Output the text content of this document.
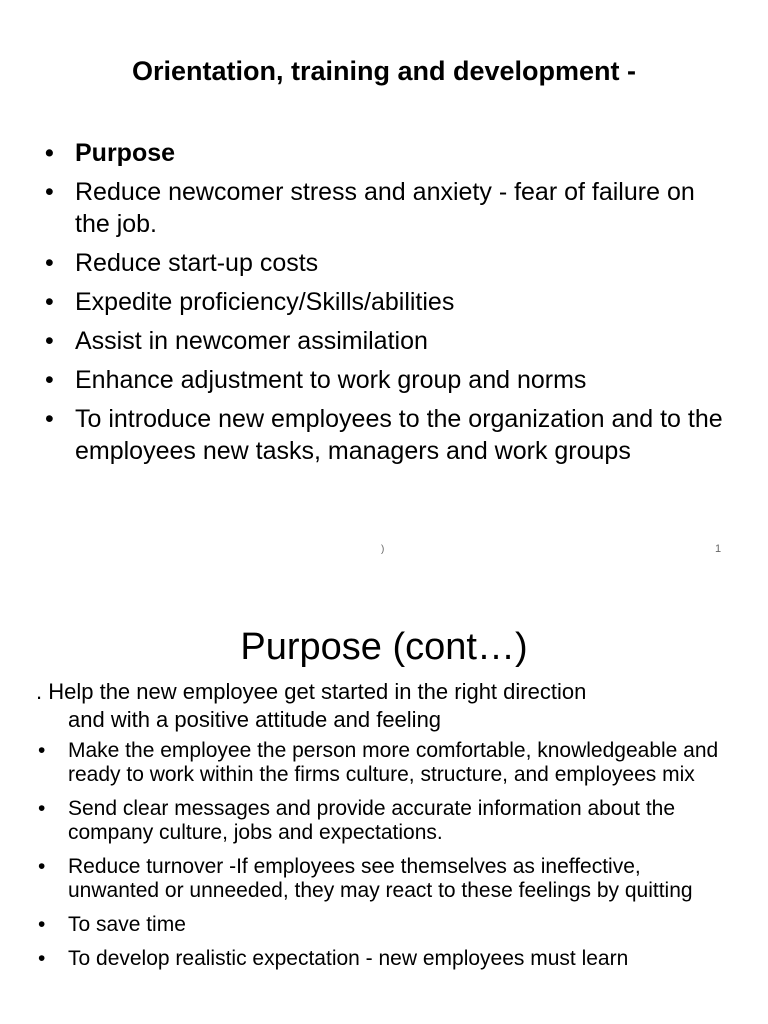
Orientation, training and development -
• Purpose
• Reduce newcomer stress and anxiety - fear of failure on the job.
• Reduce start-up costs
• Expedite proficiency/Skills/abilities
• Assist in newcomer assimilation
• Enhance adjustment to work group and norms
• To introduce new employees to the organization and to the employees new tasks, managers and work groups
)	1
Purpose (cont…)
. Help the new employee get started in the right direction
and with a positive attitude and feeling
• Make the employee the person more comfortable, knowledgeable and ready to work within the firms culture, structure, and employees mix
• Send clear messages and provide accurate information about the company culture, jobs and expectations.
• Reduce turnover -If employees see themselves as ineffective, unwanted or unneeded, they may react to these feelings by quitting
• To save time
• To develop realistic expectation - new employees must learn
